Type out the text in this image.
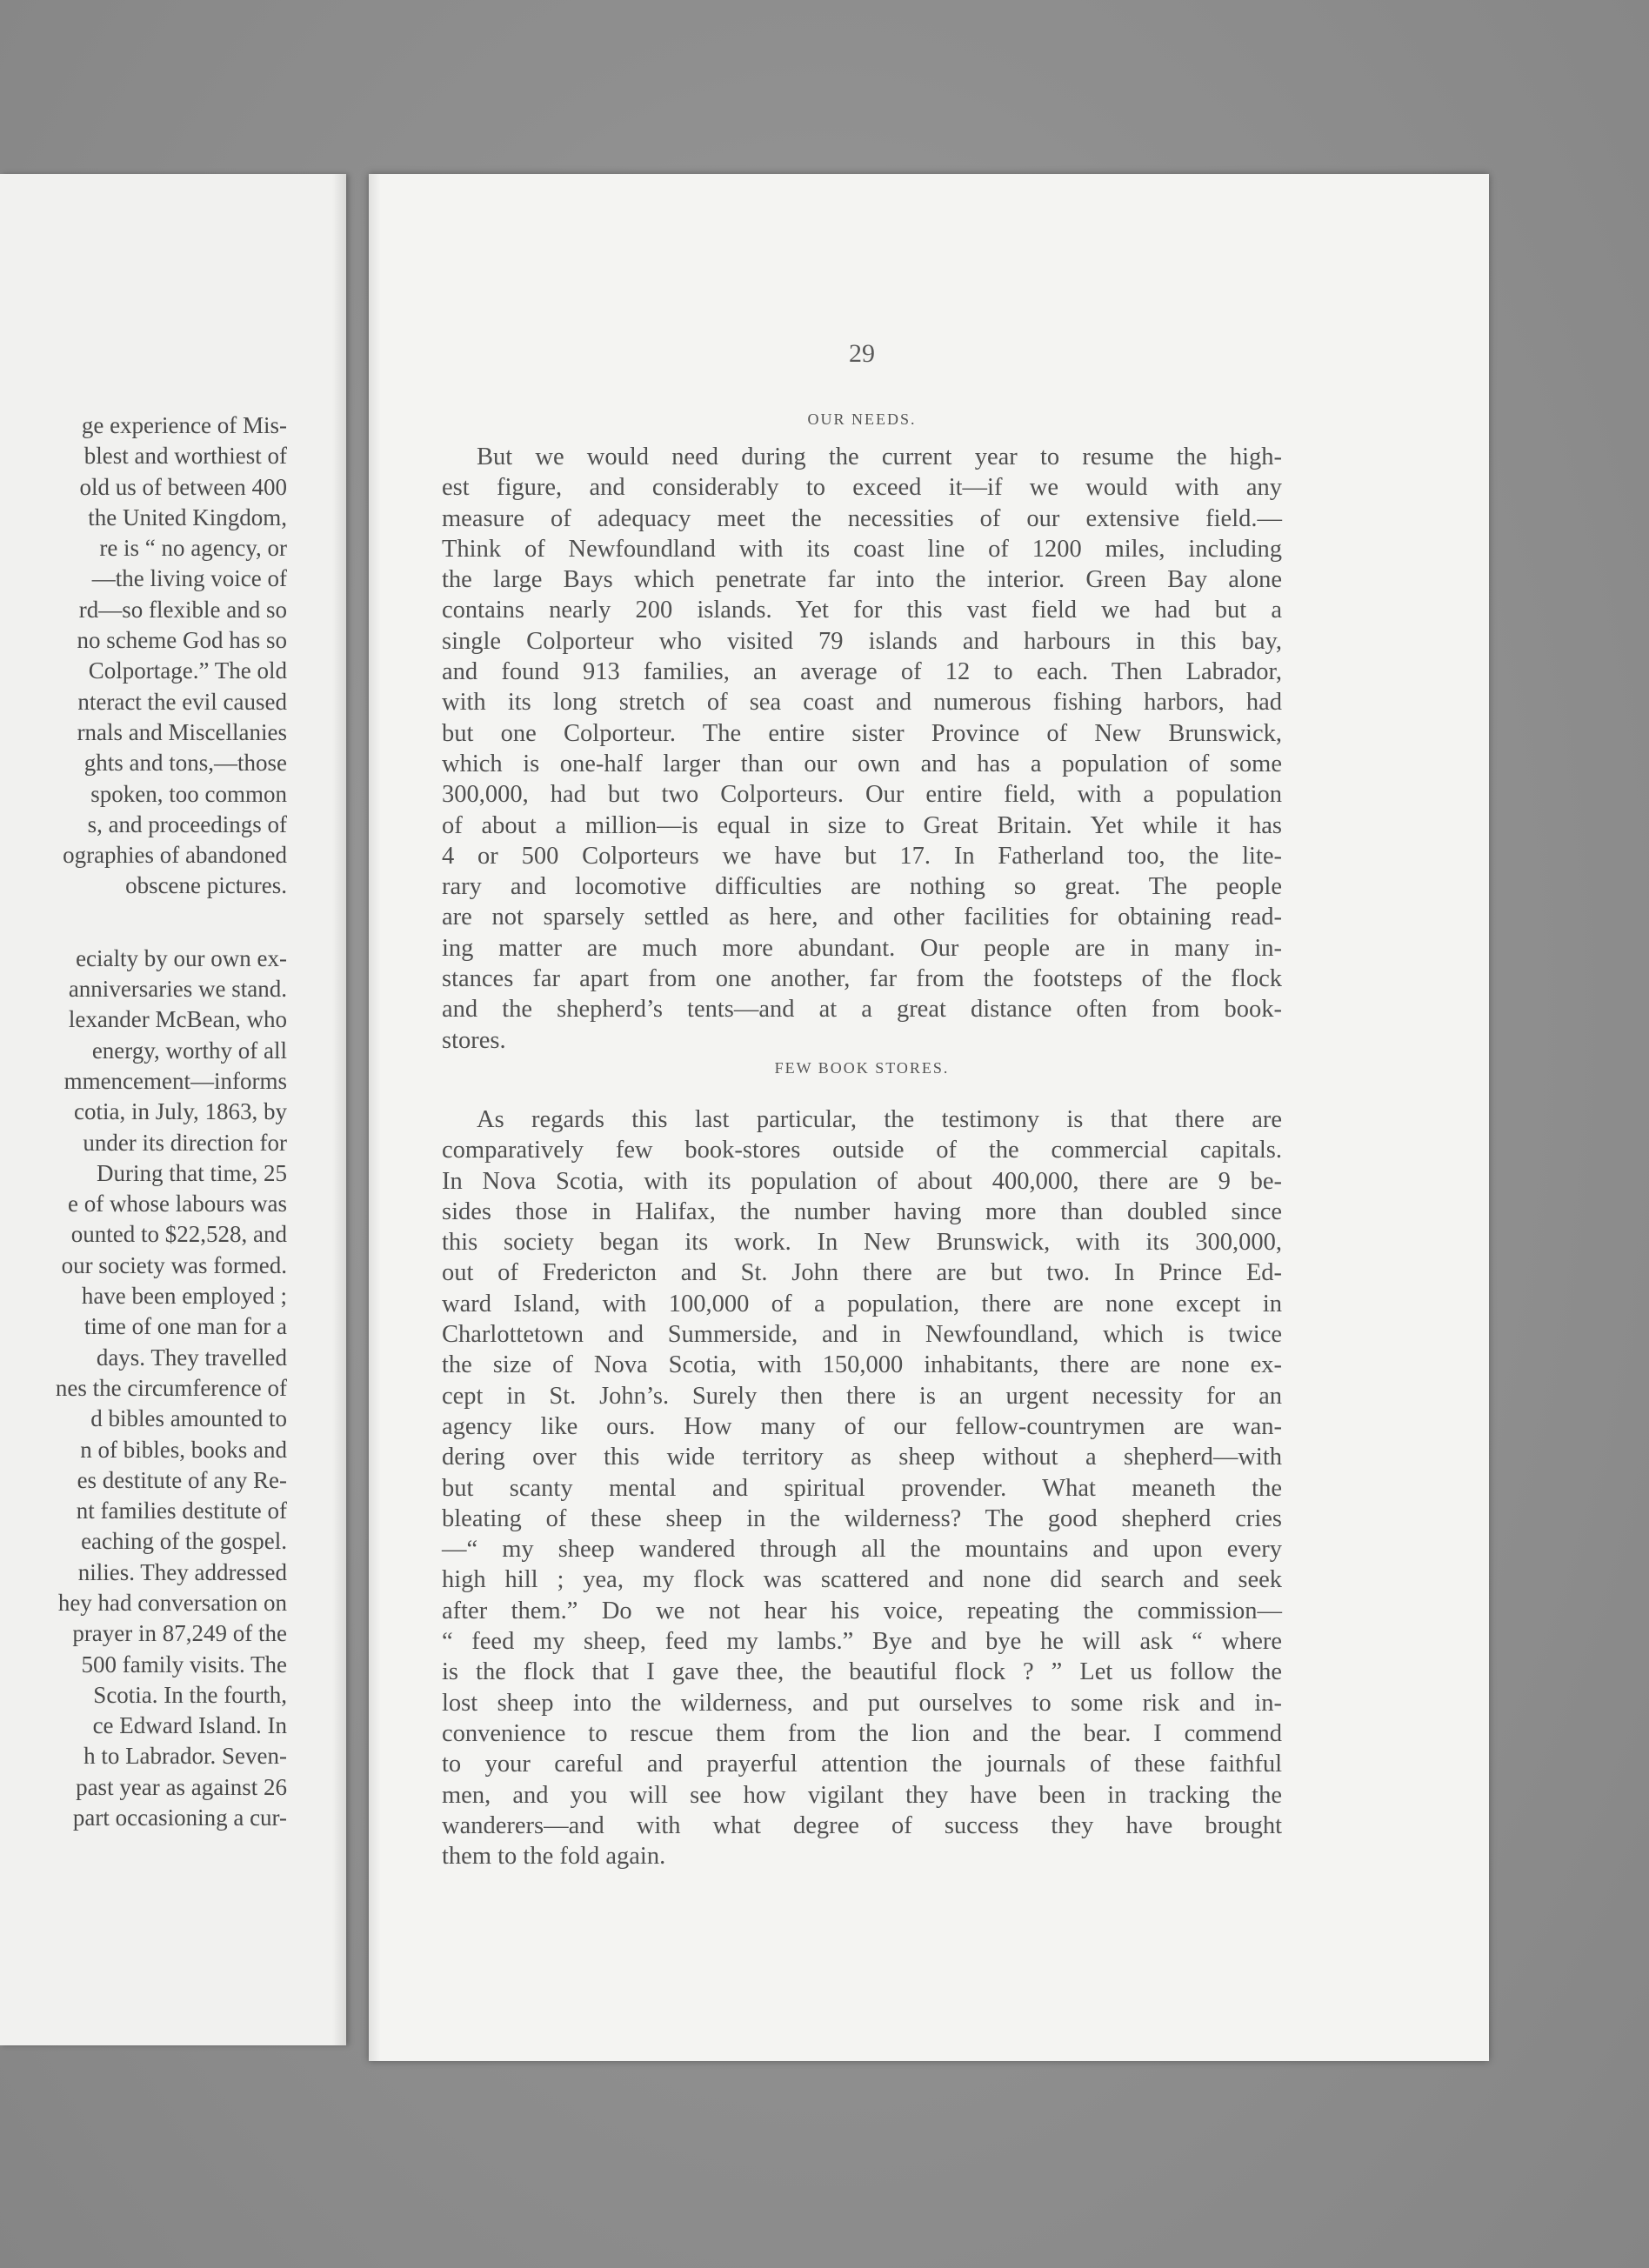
ge experience of Mis-
blest and worthiest of
old us of between 400
the United Kingdom,
re is “ no agency, or
—the living voice of
rd—so flexible and so
no scheme God has so
Colportage.” The old
nteract the evil caused
rnals and Miscellanies
ghts and tons,—those
spoken, too common
s, and proceedings of
ographies of abandoned
obscene pictures.
ecialty by our own ex-
anniversaries we stand.
lexander McBean, who
energy, worthy of all
mmencement—informs
cotia, in July, 1863, by
under its direction for
During that time, 25
e of whose labours was
ounted to $22,528, and
our society was formed.
have been employed ;
time of one man for a
days. They travelled
nes the circumference of
d bibles amounted to
n of bibles, books and
es destitute of any Re-
nt families destitute of
eaching of the gospel.
nilies. They addressed
hey had conversation on
prayer in 87,249 of the
500 family visits. The
Scotia. In the fourth,
ce Edward Island. In
h to Labrador. Seven-
past year as against 26
part occasioning a cur-
29
OUR NEEDS.
But we would need during the current year to resume the high-
est figure, and considerably to exceed it—if we would with any
measure of adequacy meet the necessities of our extensive field.—
Think of Newfoundland with its coast line of 1200 miles, including
the large Bays which penetrate far into the interior. Green Bay alone
contains nearly 200 islands. Yet for this vast field we had but a
single Colporteur who visited 79 islands and harbours in this bay,
and found 913 families, an average of 12 to each. Then Labrador,
with its long stretch of sea coast and numerous fishing harbors, had
but one Colporteur. The entire sister Province of New Brunswick,
which is one-half larger than our own and has a population of some
300,000, had but two Colporteurs. Our entire field, with a population
of about a million—is equal in size to Great Britain. Yet while it has
4 or 500 Colporteurs we have but 17. In Fatherland too, the lite-
rary and locomotive difficulties are nothing so great. The people
are not sparsely settled as here, and other facilities for obtaining read-
ing matter are much more abundant. Our people are in many in-
stances far apart from one another, far from the footsteps of the flock
and the shepherd’s tents—and at a great distance often from book-
stores.
FEW BOOK STORES.
As regards this last particular, the testimony is that there are
comparatively few book-stores outside of the commercial capitals.
In Nova Scotia, with its population of about 400,000, there are 9 be-
sides those in Halifax, the number having more than doubled since
this society began its work. In New Brunswick, with its 300,000,
out of Fredericton and St. John there are but two. In Prince Ed-
ward Island, with 100,000 of a population, there are none except in
Charlottetown and Summerside, and in Newfoundland, which is twice
the size of Nova Scotia, with 150,000 inhabitants, there are none ex-
cept in St. John’s. Surely then there is an urgent necessity for an
agency like ours. How many of our fellow-countrymen are wan-
dering over this wide territory as sheep without a shepherd—with
but scanty mental and spiritual provender. What meaneth the
bleating of these sheep in the wilderness? The good shepherd cries
—“ my sheep wandered through all the mountains and upon every
high hill ; yea, my flock was scattered and none did search and seek
after them.” Do we not hear his voice, repeating the commission—
“ feed my sheep, feed my lambs.” Bye and bye he will ask “ where
is the flock that I gave thee, the beautiful flock ? ” Let us follow the
lost sheep into the wilderness, and put ourselves to some risk and in-
convenience to rescue them from the lion and the bear. I commend
to your careful and prayerful attention the journals of these faithful
men, and you will see how vigilant they have been in tracking the
wanderers—and with what degree of success they have brought
them to the fold again.
